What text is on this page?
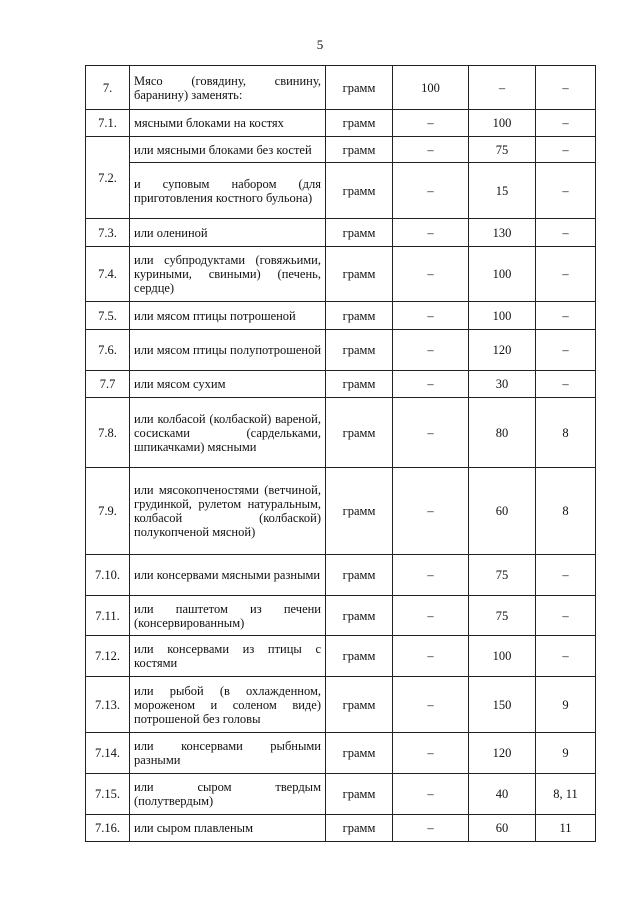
5
7.	Мясо (говядину, свинину, баранину) заменять:	грамм	100	–	–
7.1.	мясными блоками на костях	грамм	–	100	–
7.2.	или мясными блоками без костей	грамм	–	75	–
	и суповым набором (для приготовления костного бульона)	грамм	–	15	–
7.3.	или олениной	грамм	–	130	–
7.4.	или субпродуктами (говяжьими, куриными, свиными) (печень, сердце)	грамм	–	100	–
7.5.	или мясом птицы потрошеной	грамм	–	100	–
7.6.	или мясом птицы полупотрошеной	грамм	–	120	–
7.7	или мясом сухим	грамм	–	30	–
7.8.	или колбасой (колбаской) вареной, сосисками (сардельками, шпикачками) мясными	грамм	–	80	8
7.9.	или мясокопченостями (ветчиной, грудинкой, рулетом натуральным, колбасой (колбаской) полукопченой мясной)	грамм	–	60	8
7.10.	или консервами мясными разными	грамм	–	75	–
7.11.	или паштетом из печени (консервированным)	грамм	–	75	–
7.12.	или консервами из птицы с костями	грамм	–	100	–
7.13.	или рыбой (в охлажденном, мороженом и соленом виде) потрошеной без головы	грамм	–	150	9
7.14.	или консервами рыбными разными	грамм	–	120	9
7.15.	или сыром твердым (полутвердым)	грамм	–	40	8, 11
7.16.	или сыром плавленым	грамм	–	60	11
